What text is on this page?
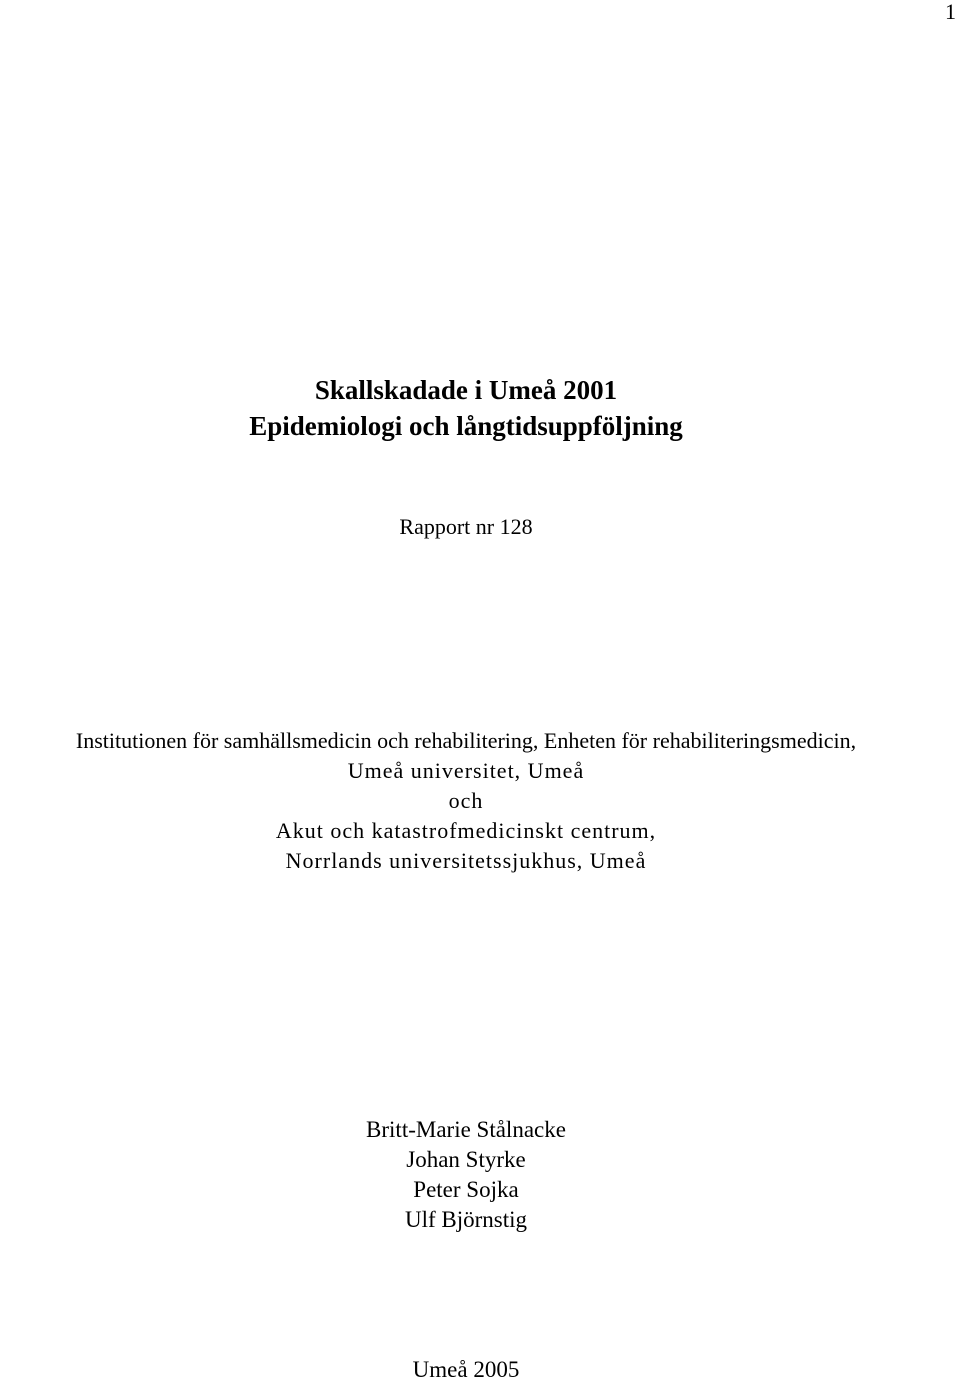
1
Skallskadade i Umeå 2001
Epidemiologi och långtidsuppföljning
Rapport nr 128
Institutionen för samhällsmedicin och rehabilitering, Enheten för rehabiliteringsmedicin,
Umeå universitet, Umeå
och
Akut och katastrofmedicinskt centrum,
Norrlands universitetssjukhus, Umeå
Britt-Marie Stålnacke
Johan Styrke
Peter Sojka
Ulf Björnstig
Umeå 2005
